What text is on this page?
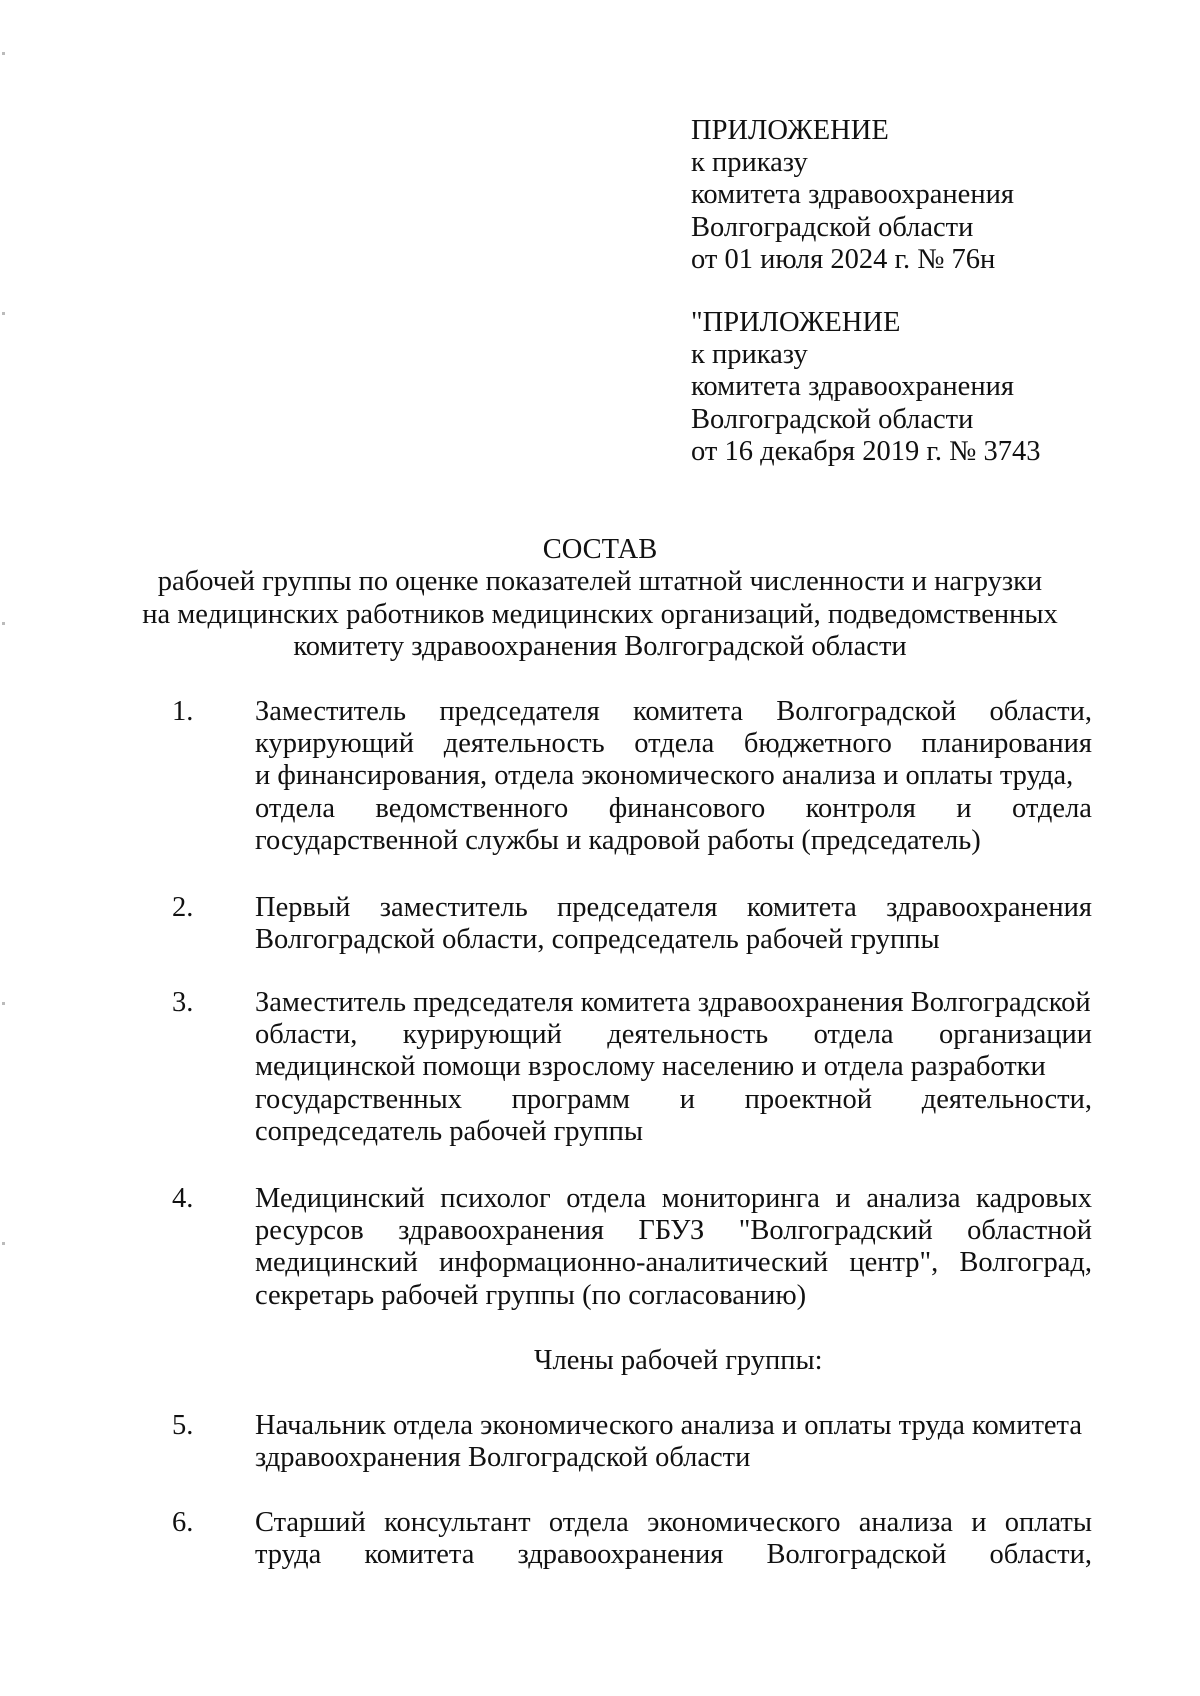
ПРИЛОЖЕНИЕ
к приказу
комитета здравоохранения
Волгоградской области
от 01 июля 2024 г. № 76н
"ПРИЛОЖЕНИЕ
к приказу
комитета здравоохранения
Волгоградской области
от 16 декабря 2019 г. № 3743
СОСТАВ
рабочей группы по оценке показателей штатной численности и нагрузки
на медицинских работников медицинских организаций, подведомственных
комитету здравоохранения Волгоградской области
1. Заместитель председателя комитета Волгоградской области,
курирующий деятельность отдела бюджетного планирования
и финансирования, отдела экономического анализа и оплаты труда,
отдела ведомственного финансового контроля и отдела
государственной службы и кадровой работы (председатель)
2. Первый заместитель председателя комитета здравоохранения
Волгоградской области, сопредседатель рабочей группы
3. Заместитель председателя комитета здравоохранения Волгоградской
области, курирующий деятельность отдела организации
медицинской помощи взрослому населению и отдела разработки
государственных программ и проектной деятельности,
сопредседатель рабочей группы
4. Медицинский психолог отдела мониторинга и анализа кадровых
ресурсов здравоохранения ГБУЗ "Волгоградский областной
медицинский информационно-аналитический центр", Волгоград,
секретарь рабочей группы (по согласованию)
Члены рабочей группы:
5. Начальник отдела экономического анализа и оплаты труда комитета
здравоохранения Волгоградской области
6. Старший консультант отдела экономического анализа и оплаты
труда комитета здравоохранения Волгоградской области,
